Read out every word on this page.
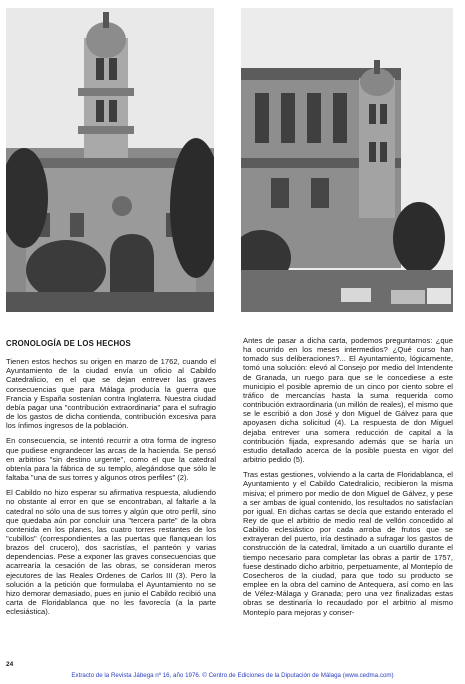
CRONOLOGÍA DE LOS HECHOS

Tienen estos hechos su origen en marzo de 1762, cuando el Ayuntamiento de la ciudad envía un oficio al Cabildo Catedralicio, en el que se dejan entrever las graves consecuencias que para Málaga producía la guerra que Francia y España sostenían contra Inglaterra. Nuestra ciudad debía pagar una "contribución extraordinaria" para el sufragio de los gastos de dicha contienda, contribución excesiva para los ínfimos ingresos de la población.

En consecuencia, se intentó recurrir a otra forma de ingreso que pudiese engrandecer las arcas de la hacienda. Se pensó en arbitrios "sin destino urgente", como el que la catedral obtenía para la fábrica de su templo, alegándose que sólo le faltaba "una de sus torres y algunos otros perfiles" (2).

El Cabildo no hizo esperar su afirmativa respuesta, aludiendo no obstante al error en que se encontraban, al faltarle a la catedral no sólo una de sus torres y algún que otro perfil, sino que quedaba aún por concluir una "tercera parte" de la obra contenida en los planes, las cuatro torres restantes de los "cubillos" (correspondientes a las puertas que flanquean los brazos del crucero), dos sacristías, el panteón y varias dependencias. Pese a exponer las graves consecuencias que acarrearía la cesación de las obras, se consideran meros ejecutores de las Reales Ordenes de Carlos III (3). Pero la solución a la petición que formulaba el Ayuntamiento no se hizo demorar demasiado, pues en junio el Cabildo recibió una carta de Floridablanca que no les favorecía (a la parte eclesiástica).

Antes de pasar a dicha carta, podemos preguntarnos: ¿que ha ocurrido en los meses intermedios? ¿Qué curso han tomado sus deliberaciones?... El Ayuntamiento, lógicamente, tomó una solución: elevó al Consejo por medio del Intendente de Granada, un ruego para que se le concediese a este municipio el posible apremio de un cinco por ciento sobre el tráfico de mercancías hasta la suma requerida como contribución extraordinaria (un millón de reales), el mismo que se le escribió a don José y don Miguel de Gálvez para que apoyasen dicha solicitud (4). La respuesta de don Miguel dejaba entrever una somera reducción de capital a la contribución fijada, expresando además que se haría un estudio detallado acerca de la posible puesta en vigor del arbitrio pedido (5).

Tras estas gestiones, volviendo a la carta de Floridablanca, el Ayuntamiento y el Cabildo Catedralicio, recibieron la misma misiva; el primero por medio de don Miguel de Gálvez, y pese a ser ambas de igual contenido, los resultados no satisfacían por igual. En dichas cartas se decía que estando enterado el Rey de que el arbitrio de medio real de vellón concedido al Cabildo eclesiástico por cada arroba de frutos que se extrayeran del puerto, iría destinado a sufragar los gastos de construcción de la catedral, limitado a un cuartillo durante el tiempo necesario para completar las obras a partir de 1757, fuese destinado dicho arbitrio, perpetuamente, al Montepío de Cosecheros de la ciudad, para que todo su producto se emplee en la obra del camino de Antequera, así como en las de Vélez-Málaga y Granada; pero una vez finalizadas estas obras se destinaría lo recaudado por el arbitrio al mismo Montepío para mejoras y conser-

24
Extracto de la Revista Jábega nº 16, año 1976. © Centro de Ediciones de la Diputación de Málaga (www.cedma.com)
